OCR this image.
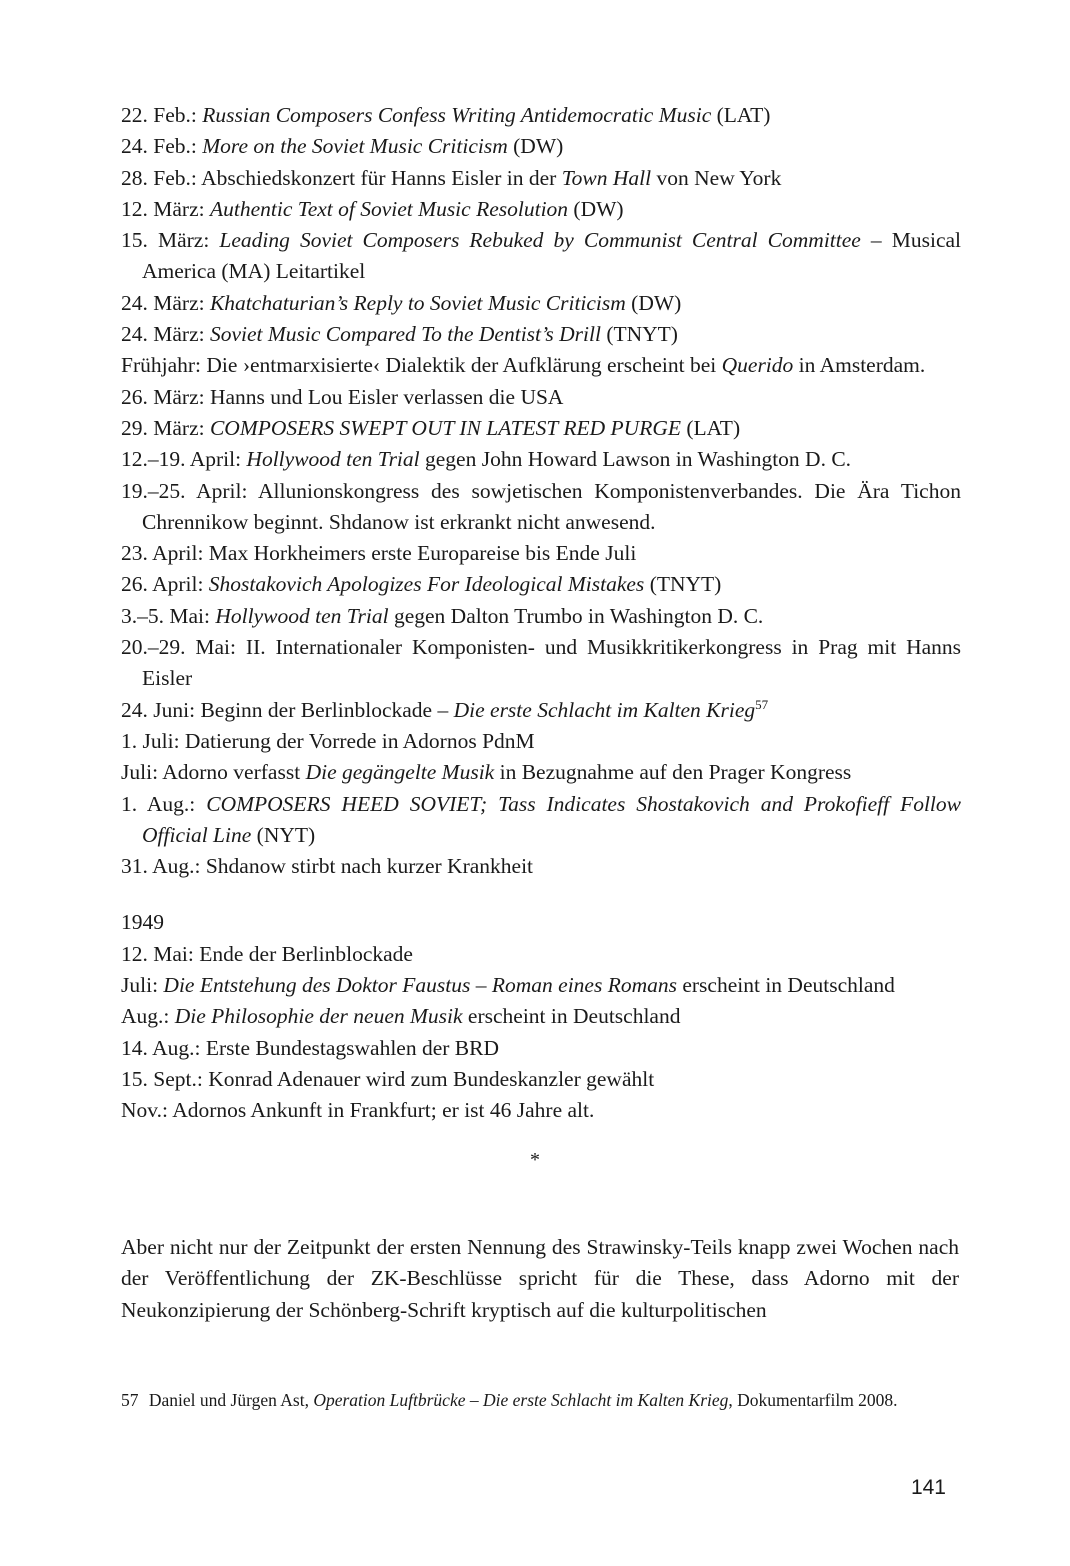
22. Feb.: Russian Composers Confess Writing Antidemocratic Music (LAT)

24. Feb.: More on the Soviet Music Criticism (DW)

28. Feb.: Abschiedskonzert für Hanns Eisler in der Town Hall von New York

12. März: Authentic Text of Soviet Music Resolution (DW)

15. März: Leading Soviet Composers Rebuked by Communist Central Committee – Musical America (MA) Leitartikel

24. März: Khatchaturian’s Reply to Soviet Music Criticism (DW)

24. März: Soviet Music Compared To the Dentist’s Drill (TNYT)

Frühjahr: Die ›entmarxisierte‹ Dialektik der Aufklärung erscheint bei Querido in Amsterdam.

26. März: Hanns und Lou Eisler verlassen die USA

29. März: COMPOSERS SWEPT OUT IN LATEST RED PURGE (LAT)

12.–19. April: Hollywood ten Trial gegen John Howard Lawson in Washington D. C.

19.–25. April: Allunionskongress des sowjetischen Komponistenverbandes. Die Ära Tichon Chrennikow beginnt. Shdanow ist erkrankt nicht anwesend.

23. April: Max Horkheimers erste Europareise bis Ende Juli

26. April: Shostakovich Apologizes For Ideological Mistakes (TNYT)

3.–5. Mai: Hollywood ten Trial gegen Dalton Trumbo in Washington D. C.

20.–29. Mai: II. Internationaler Komponisten- und Musikkritikerkongress in Prag mit Hanns Eisler

24. Juni: Beginn der Berlinblockade – Die erste Schlacht im Kalten Krieg$^{57}$

1. Juli: Datierung der Vorrede in Adornos PdnM

Juli: Adorno verfasst Die gegängelte Musik in Bezugnahme auf den Prager Kongress

1. Aug.: COMPOSERS HEED SOVIET; Tass Indicates Shostakovich and Prokofieff Follow Official Line (NYT)

31. Aug.: Shdanow stirbt nach kurzer Krankheit

1949

12. Mai: Ende der Berlinblockade

Juli: Die Entstehung des Doktor Faustus – Roman eines Romans erscheint in Deutschland

Aug.: Die Philosophie der neuen Musik erscheint in Deutschland

14. Aug.: Erste Bundestagswahlen der BRD

15. Sept.: Konrad Adenauer wird zum Bundeskanzler gewählt

Nov.: Adornos Ankunft in Frankfurt; er ist 46 Jahre alt.

*

Aber nicht nur der Zeitpunkt der ersten Nennung des Strawinsky-Teils knapp zwei Wochen nach der Veröffentlichung der ZK-Beschlüsse spricht für die These, dass Adorno mit der Neukonzipierung der Schönberg-Schrift kryptisch auf die kulturpolitischen

57 Daniel und Jürgen Ast, Operation Luftbrücke – Die erste Schlacht im Kalten Krieg, Dokumentarfilm 2008.

141
